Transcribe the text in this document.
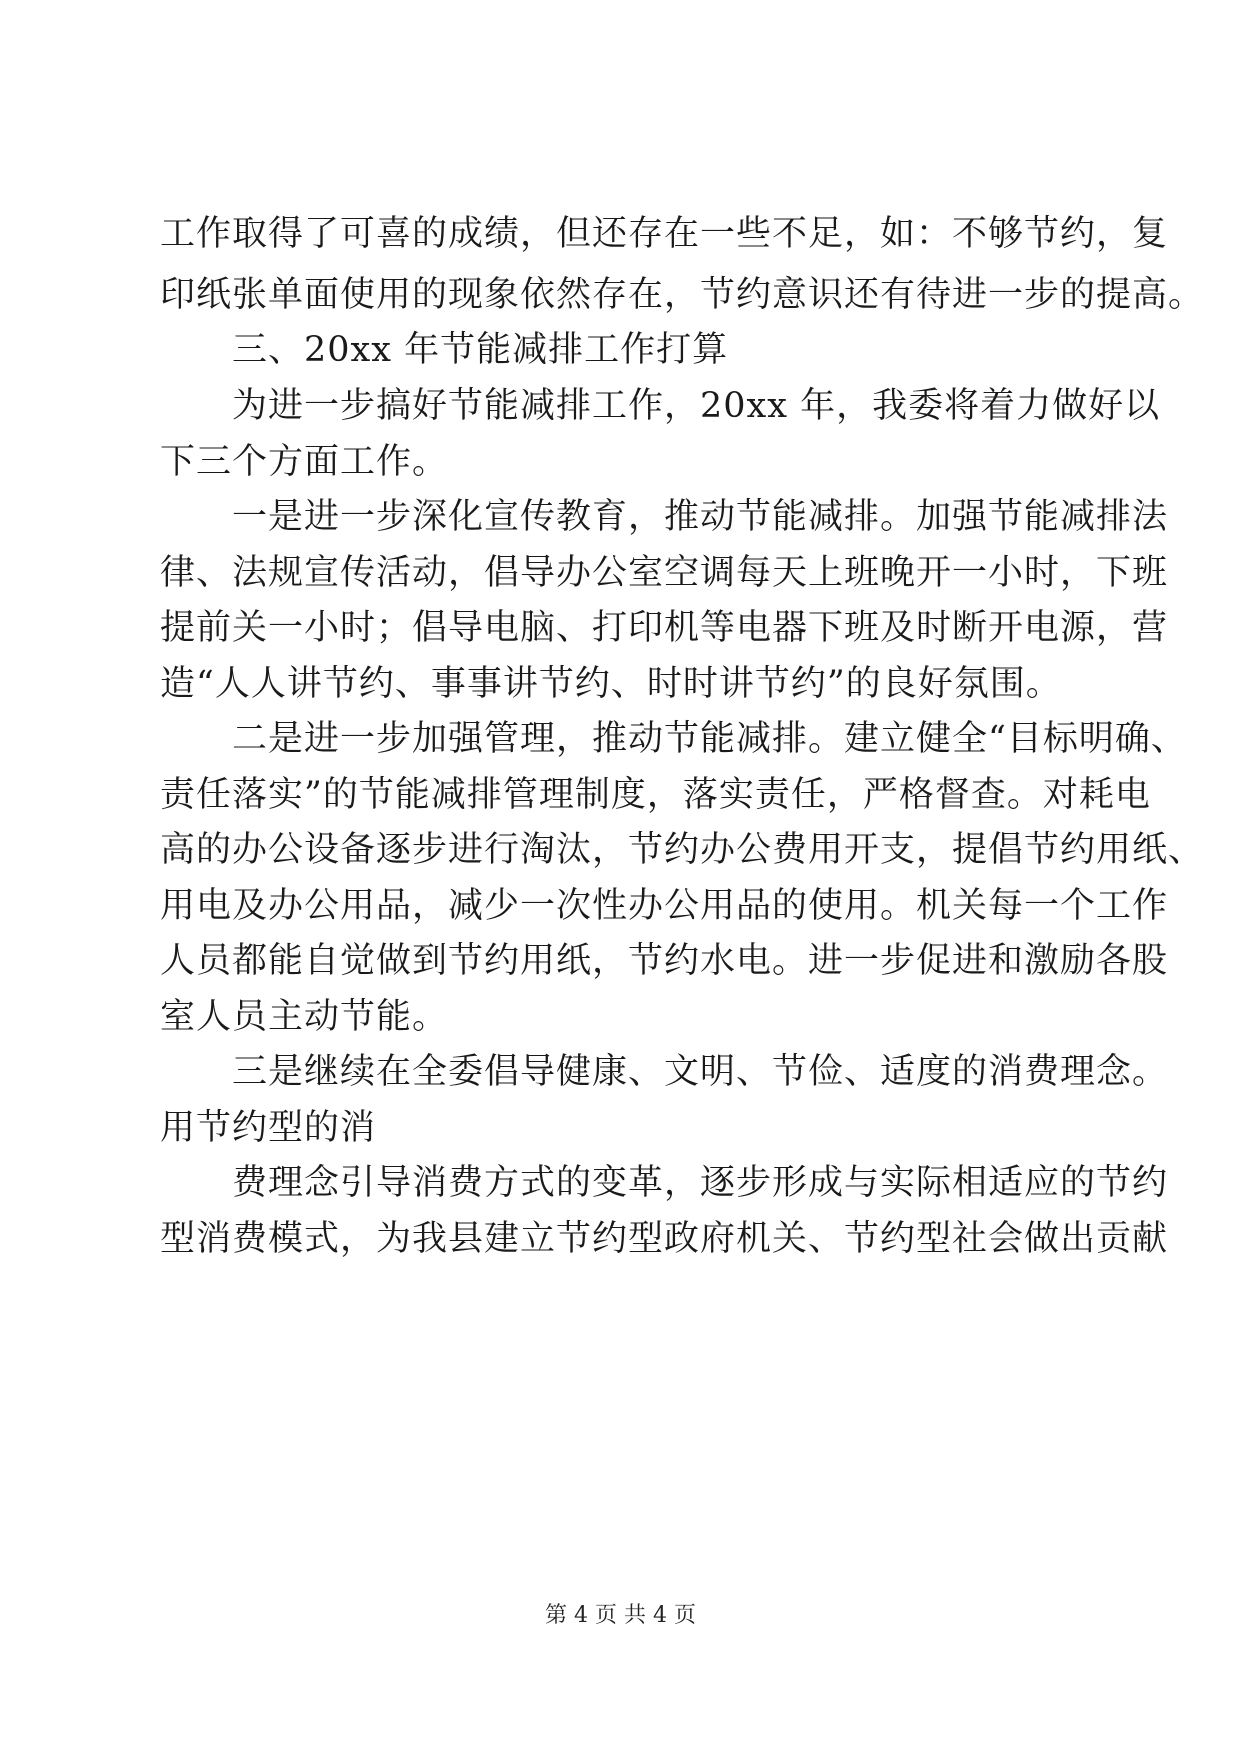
工作取得了可喜的成绩，但还存在一些不足，如：不够节约，复
印纸张单面使用的现象依然存在，节约意识还有待进一步的提高。
三、20xx 年节能减排工作打算
为进一步搞好节能减排工作，20xx 年，我委将着力做好以
下三个方面工作。
一是进一步深化宣传教育，推动节能减排。加强节能减排法
律、法规宣传活动，倡导办公室空调每天上班晚开一小时，下班
提前关一小时；倡导电脑、打印机等电器下班及时断开电源，营
造“人人讲节约、事事讲节约、时时讲节约”的良好氛围。
二是进一步加强管理，推动节能减排。建立健全“目标明确、
责任落实”的节能减排管理制度，落实责任，严格督查。对耗电
高的办公设备逐步进行淘汰，节约办公费用开支，提倡节约用纸、
用电及办公用品，减少一次性办公用品的使用。机关每一个工作
人员都能自觉做到节约用纸，节约水电。进一步促进和激励各股
室人员主动节能。
三是继续在全委倡导健康、文明、节俭、适度的消费理念。
用节约型的消
费理念引导消费方式的变革，逐步形成与实际相适应的节约
型消费模式，为我县建立节约型政府机关、节约型社会做出贡献
第 4 页 共 4 页
